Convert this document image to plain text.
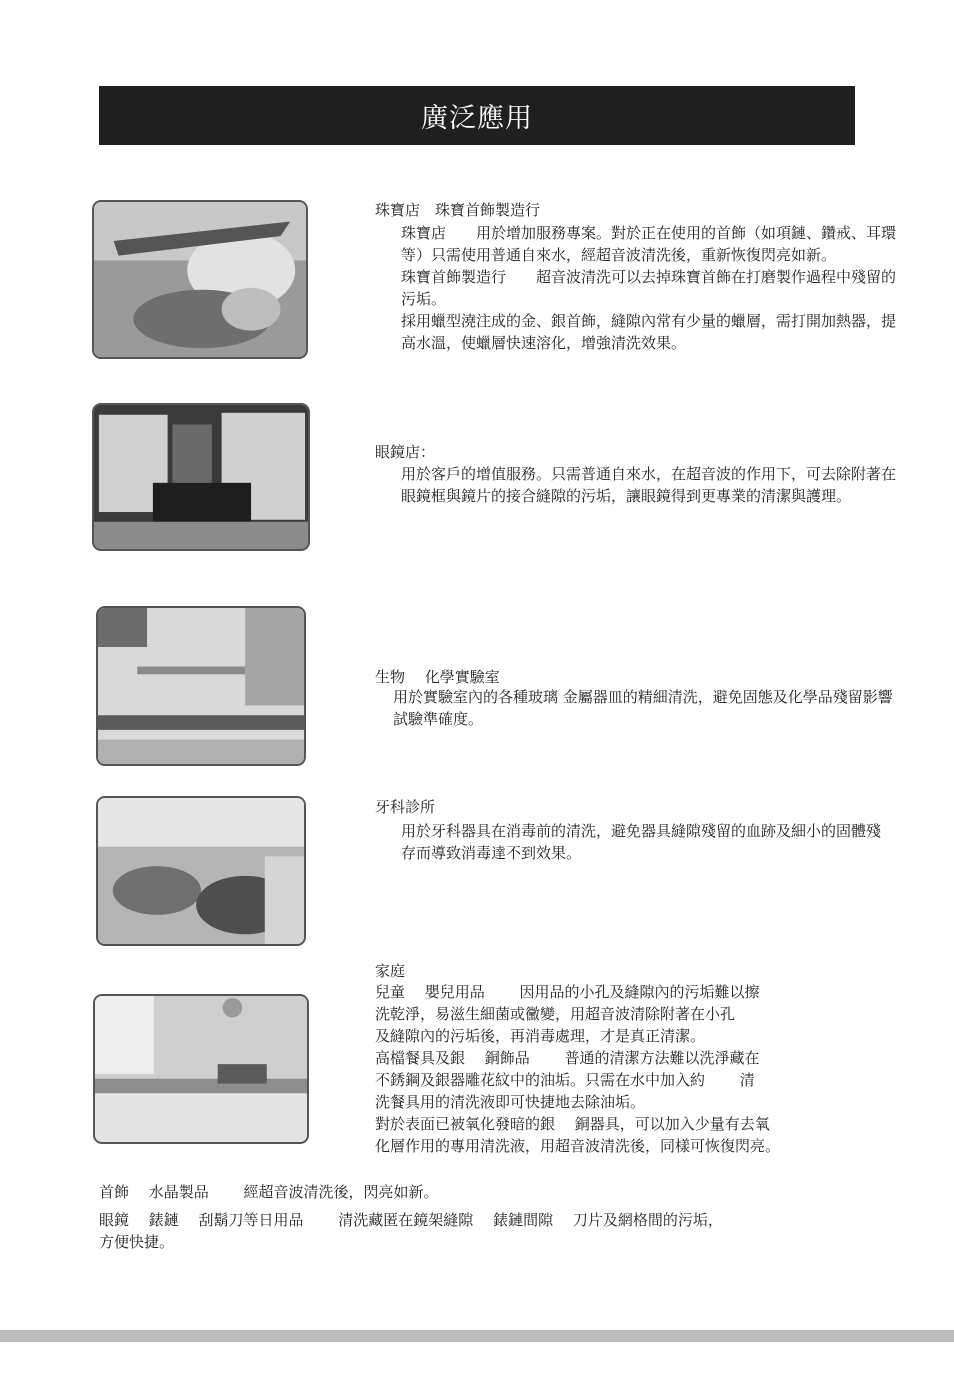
廣泛應用
珠寶店　珠寶首飾製造行

珠寶店　　用於增加服務專案。對於正在使用的首飾（如項鏈、鑽戒、耳環等）只需使用普通自來水，經超音波清洗後，重新恢復閃亮如新。

珠寶首飾製造行　　超音波清洗可以去掉珠寶首飾在打磨製作過程中殘留的污垢。

採用蠟型澆注成的金、銀首飾，縫隙內常有少量的蠟層，需打開加熱器，提高水溫，使蠟層快速溶化，增強清洗效果。

眼鏡店：

用於客戶的增值服務。只需普通自來水，在超音波的作用下，可去除附著在眼鏡框與鏡片的接合縫隙的污垢，讓眼鏡得到更專業的清潔與護理。

生物　 化學實驗室

用於實驗室內的各種玻璃 金屬器皿的精細清洗，避免固態及化學品殘留影響試驗準確度。

牙科診所

用於牙科器具在消毒前的清洗，避免器具縫隙殘留的血跡及細小的固體殘存而導致消毒達不到效果。

家庭

兒童　 嬰兒用品　　 因用品的小孔及縫隙內的污垢難以擦

洗乾淨，易滋生細菌或黴變，用超音波清除附著在小孔

及縫隙內的污垢後，再消毒處理，才是真正清潔。

高檔餐具及銀　 銅飾品　　 普通的清潔方法難以洗淨藏在

不銹鋼及銀器雕花紋中的油垢。只需在水中加入約　　 清

洗餐具用的清洗液即可快捷地去除油垢。

對於表面已被氧化發暗的銀　 銅器具，可以加入少量有去氧

化層作用的專用清洗液，用超音波清洗後，同樣可恢復閃亮。

首飾　 水晶製品　　 經超音波清洗後，閃亮如新。

眼鏡　 錶鏈　 刮鬍刀等日用品　　 清洗藏匿在鏡架縫隙　 錶鏈間隙　 刀片及網格間的污垢，

方便快捷。
